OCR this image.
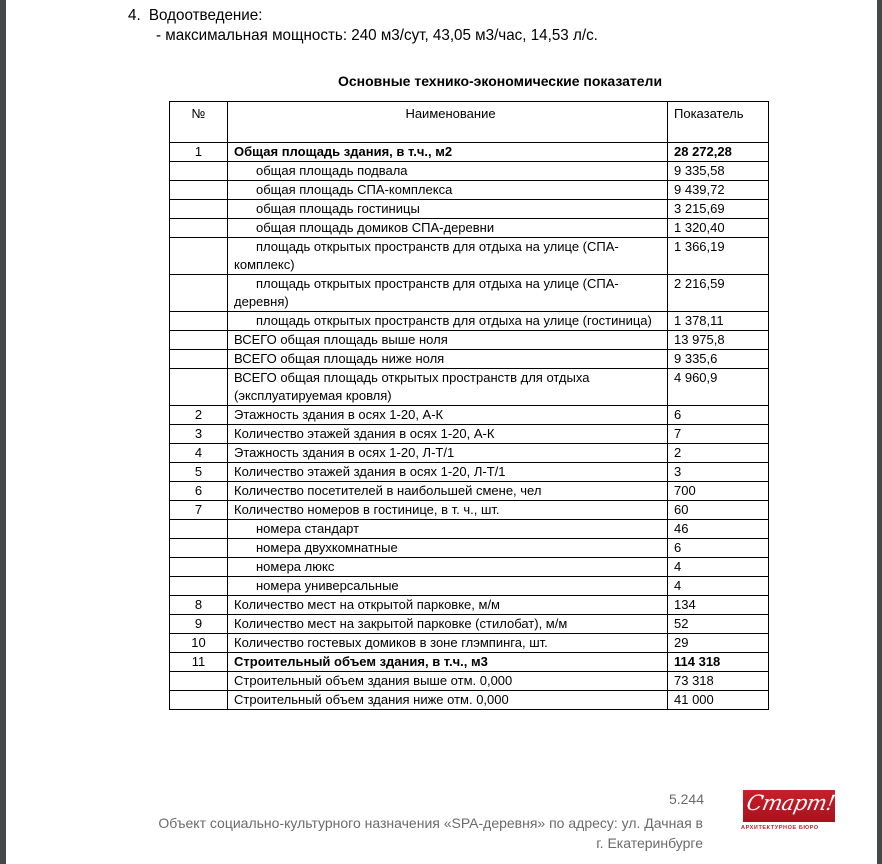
4. Водоотведение:
- максимальная мощность: 240 м3/сут, 43,05 м3/час, 14,53 л/с.
Основные технико-экономические показатели
№	Наименование	Показатель
1	Общая площадь здания, в т.ч., м2	28 272,28
	общая площадь подвала	9 335,58
	общая площадь СПА-комплекса	9 439,72
	общая площадь гостиницы	3 215,69
	общая площадь домиков СПА-деревни	1 320,40
	площадь открытых пространств для отдыха на улице (СПА-комплекс)	1 366,19
	площадь открытых пространств для отдыха на улице (СПА-деревня)	2 216,59
	площадь открытых пространств для отдыха на улице (гостиница)	1 378,11
	ВСЕГО общая площадь выше ноля	13 975,8
	ВСЕГО общая площадь ниже ноля	9 335,6
	ВСЕГО общая площадь открытых пространств для отдыха (эксплуатируемая кровля)	4 960,9
2	Этажность здания в осях 1-20, А-К	6
3	Количество этажей здания в осях 1-20, А-К	7
4	Этажность здания в осях 1-20, Л-Т/1	2
5	Количество этажей здания в осях 1-20, Л-Т/1	3
6	Количество посетителей в наибольшей смене, чел	700
7	Количество номеров в гостинице, в т. ч., шт.	60
	номера стандарт	46
	номера двухкомнатные	6
	номера люкс	4
	номера универсальные	4
8	Количество мест на открытой парковке, м/м	134
9	Количество мест на закрытой парковке (стилобат), м/м	52
10	Количество гостевых домиков в зоне глэмпинга, шт.	29
11	Строительный объем здания, в т.ч., м3	114 318
	Строительный объем здания выше отм. 0,000	73 318
	Строительный объем здания ниже отм. 0,000	41 000
5.244
Объект социально-культурного назначения «SPA-деревня» по адресу: ул. Дачная в
г. Екатеринбурге
Старт!
АРХИТЕКТУРНОЕ БЮРО
